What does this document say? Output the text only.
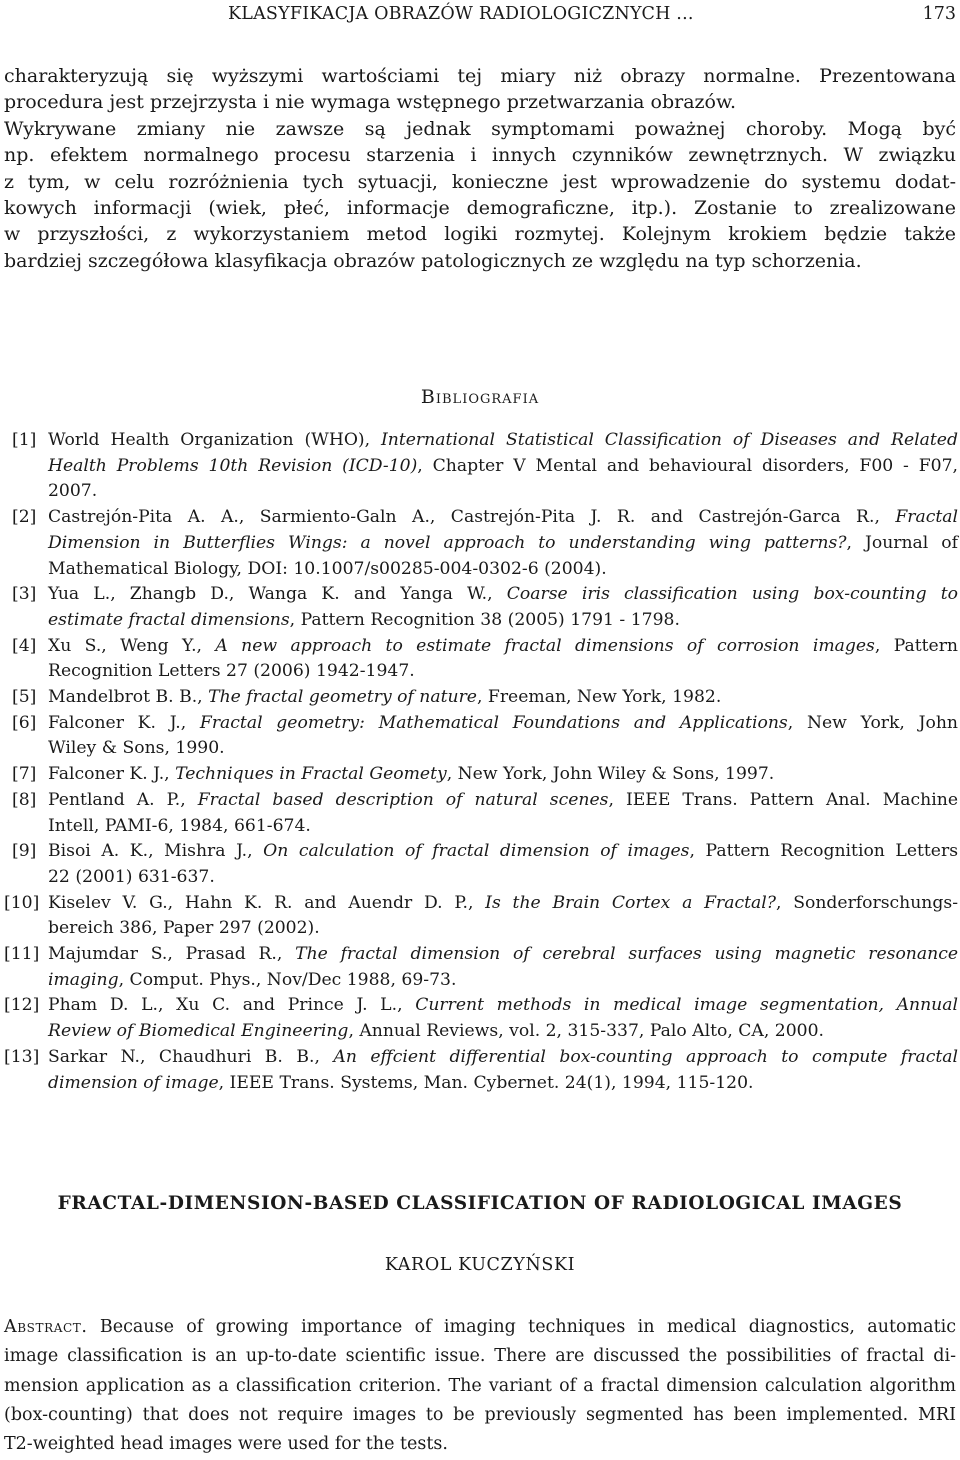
KLASYFIKACJA OBRAZÓW RADIOLOGICZNYCH ...	173
charakteryzują się wyższymi wartościami tej miary niż obrazy normalne. Prezentowana
procedura jest przejrzysta i nie wymaga wstępnego przetwarzania obrazów.
Wykrywane zmiany nie zawsze są jednak symptomami poważnej choroby. Mogą być
np. efektem normalnego procesu starzenia i innych czynników zewnętrznych. W związku
z tym, w celu rozróżnienia tych sytuacji, konieczne jest wprowadzenie do systemu dodat-
kowych informacji (wiek, płeć, informacje demograficzne, itp.). Zostanie to zrealizowane
w przyszłości, z wykorzystaniem metod logiki rozmytej. Kolejnym krokiem będzie także
bardziej szczegółowa klasyfikacja obrazów patologicznych ze względu na typ schorzenia.
Bibliografia
[1] World Health Organization (WHO), International Statistical Classification of Diseases and Related
Health Problems 10th Revision (ICD-10), Chapter V Mental and behavioural disorders, F00 - F07,
2007.
[2] Castrejón-Pita A. A., Sarmiento-Galn A., Castrejón-Pita J. R. and Castrejón-Garca R., Fractal
Dimension in Butterflies Wings: a novel approach to understanding wing patterns?, Journal of
Mathematical Biology, DOI: 10.1007/s00285-004-0302-6 (2004).
[3] Yua L., Zhangb D., Wanga K. and Yanga W., Coarse iris classification using box-counting to
estimate fractal dimensions, Pattern Recognition 38 (2005) 1791 - 1798.
[4] Xu S., Weng Y., A new approach to estimate fractal dimensions of corrosion images, Pattern
Recognition Letters 27 (2006) 1942-1947.
[5] Mandelbrot B. B., The fractal geometry of nature, Freeman, New York, 1982.
[6] Falconer K. J., Fractal geometry: Mathematical Foundations and Applications, New York, John
Wiley & Sons, 1990.
[7] Falconer K. J., Techniques in Fractal Geomety, New York, John Wiley & Sons, 1997.
[8] Pentland A. P., Fractal based description of natural scenes, IEEE Trans. Pattern Anal. Machine
Intell, PAMI-6, 1984, 661-674.
[9] Bisoi A. K., Mishra J., On calculation of fractal dimension of images, Pattern Recognition Letters
22 (2001) 631-637.
[10] Kiselev V. G., Hahn K. R. and Auendr D. P., Is the Brain Cortex a Fractal?, Sonderforschungs-
bereich 386, Paper 297 (2002).
[11] Majumdar S., Prasad R., The fractal dimension of cerebral surfaces using magnetic resonance
imaging, Comput. Phys., Nov/Dec 1988, 69-73.
[12] Pham D. L., Xu C. and Prince J. L., Current methods in medical image segmentation, Annual
Review of Biomedical Engineering, Annual Reviews, vol. 2, 315-337, Palo Alto, CA, 2000.
[13] Sarkar N., Chaudhuri B. B., An effcient differential box-counting approach to compute fractal
dimension of image, IEEE Trans. Systems, Man. Cybernet. 24(1), 1994, 115-120.
FRACTAL-DIMENSION-BASED CLASSIFICATION OF RADIOLOGICAL IMAGES
KAROL KUCZYŃSKI
Abstract. Because of growing importance of imaging techniques in medical diagnostics, automatic
image classification is an up-to-date scientific issue. There are discussed the possibilities of fractal di-
mension application as a classification criterion. The variant of a fractal dimension calculation algorithm
(box-counting) that does not require images to be previously segmented has been implemented. MRI
T2-weighted head images were used for the tests.
